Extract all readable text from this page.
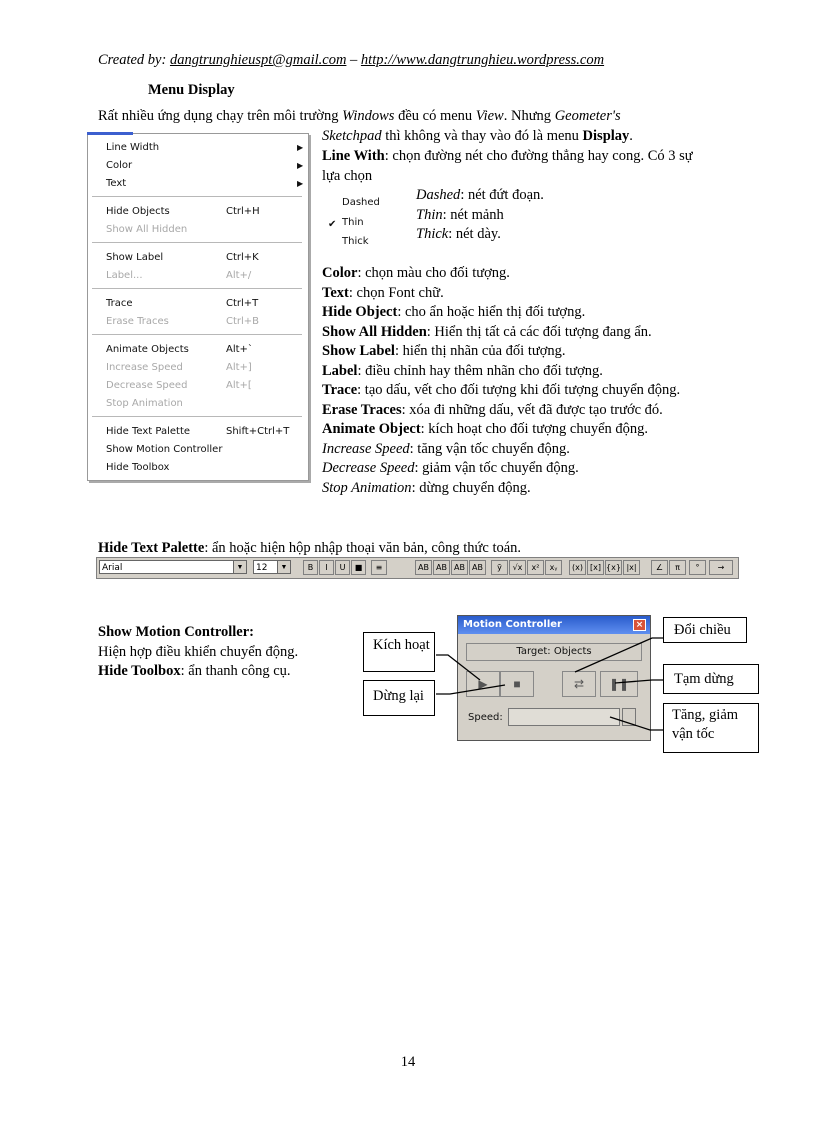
Created by: dangtrunghieuspt@gmail.com – http://www.dangtrunghieu.wordpress.com
Menu Display
Rất nhiều ứng dụng chạy trên môi trường Windows đều có menu View. Nhưng Geometer's
Sketchpad thì không và thay vào đó là menu Display.
Line Width	▶
Color	▶
Text	▶
Hide Objects	Ctrl+H
Show All Hidden
Show Label	Ctrl+K
Label...	Alt+/
Trace	Ctrl+T
Erase Traces	Ctrl+B
Animate Objects	Alt+`
Increase Speed	Alt+]
Decrease Speed	Alt+[
Stop Animation
Hide Text Palette	Shift+Ctrl+T
Show Motion Controller
Hide Toolbox
Line With: chọn đường nét cho đường thẳng hay cong. Có 3 sự
lựa chọn
Dashed
✔ Thin
Thick
Dashed: nét đứt đoạn.
Thin: nét mảnh
Thick: nét dày.
Color: chọn màu cho đối tượng.
Text: chọn Font chữ.
Hide Object: cho ẩn hoặc hiển thị đối tượng.
Show All Hidden: Hiển thị tất cả các đối tượng đang ẩn.
Show Label: hiển thị nhãn của đối tượng.
Label: điều chỉnh hay thêm nhãn cho đối tượng.
Trace: tạo dấu, vết cho đối tượng khi đối tượng chuyển động.
Erase Traces: xóa đi những dấu, vết đã được tạo trước đó.
Animate Object: kích hoạt cho đối tượng chuyển động.
Increase Speed: tăng vận tốc chuyển động.
Decrease Speed: giảm vận tốc chuyển động.
Stop Animation: dừng chuyển động.
Hide Text Palette: ẩn hoặc hiện hộp nhập thoại văn bản, công thức toán.
Arial	▼	12	▼	B	I	U	■	≡	AB AB AB AB	ȳ	√x	x²	xᵧ	(x) [x] {x} |x|	∠	π	°	→
Show Motion Controller:
Hiện hợp điều khiển chuyển động.
Hide Toolbox: ẩn thanh công cụ.
Motion Controller	×
Target: Objects
▶	■	⇄	❚❚
Speed:
Kích hoạt
Dừng lại
Đổi chiều
Tạm dừng
Tăng, giảm
vận tốc
14
